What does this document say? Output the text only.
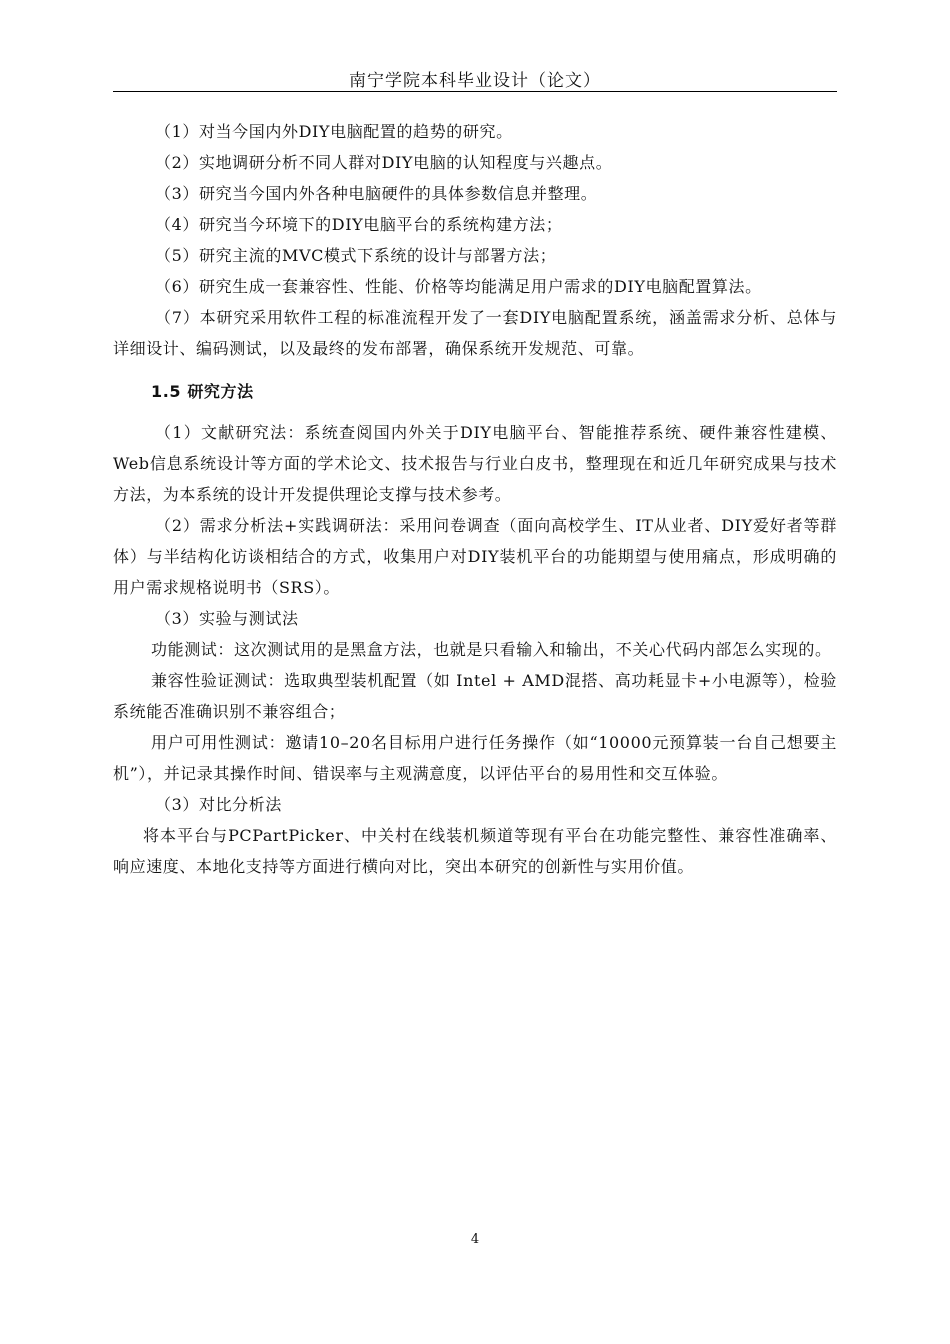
南宁学院本科毕业设计（论文）

（1）对当今国内外DIY电脑配置的趋势的研究。

（2）实地调研分析不同人群对DIY电脑的认知程度与兴趣点。

（3）研究当今国内外各种电脑硬件的具体参数信息并整理。

（4）研究当今环境下的DIY电脑平台的系统构建方法；

（5）研究主流的MVC模式下系统的设计与部署方法；

（6）研究生成一套兼容性、性能、价格等均能满足用户需求的DIY电脑配置算法。

（7）本研究采用软件工程的标准流程开发了一套DIY电脑配置系统，涵盖需求分析、总体与详细设计、编码测试，以及最终的发布部署，确保系统开发规范、可靠。

1.5 研究方法

（1）文献研究法：系统查阅国内外关于DIY电脑平台、智能推荐系统、硬件兼容性建模、Web信息系统设计等方面的学术论文、技术报告与行业白皮书，整理现在和近几年研究成果与技术方法，为本系统的设计开发提供理论支撑与技术参考。

（2）需求分析法+实践调研法：采用问卷调查（面向高校学生、IT从业者、DIY爱好者等群体）与半结构化访谈相结合的方式，收集用户对DIY装机平台的功能期望与使用痛点，形成明确的用户需求规格说明书（SRS）。

（3）实验与测试法

功能测试：这次测试用的是黑盒方法，也就是只看输入和输出，不关心代码内部怎么实现的。

兼容性验证测试：选取典型装机配置（如 Intel + AMD混搭、高功耗显卡+小电源等），检验系统能否准确识别不兼容组合；

用户可用性测试：邀请10–20名目标用户进行任务操作（如“10000元预算装一台自己想要主机”），并记录其操作时间、错误率与主观满意度，以评估平台的易用性和交互体验。

（3）对比分析法

将本平台与PCPartPicker、中关村在线装机频道等现有平台在功能完整性、兼容性准确率、响应速度、本地化支持等方面进行横向对比，突出本研究的创新性与实用价值。

4
